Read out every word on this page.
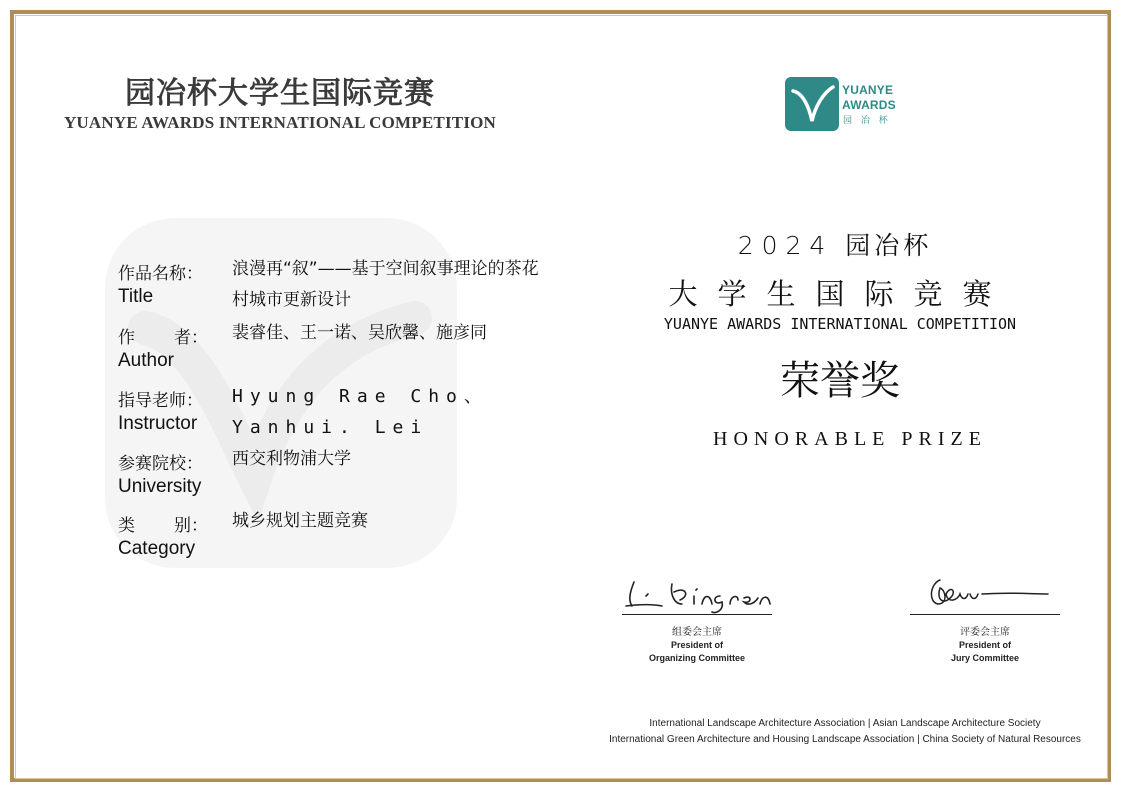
园冶杯大学生国际竞赛
YUANYE AWARDS INTERNATIONAL COMPETITION
YUANYE
AWARDS
园 冶 杯
作品名称：
Title
浪漫再“叙”——基于空间叙事理论的茶花村城市更新设计
作 者：
Author
裴睿佳、王一诺、吴欣馨、施彦同
指导老师：
Instructor
Hyung Rae Cho、Yanhui. Lei
参赛院校：
University
西交利物浦大学
类 别：
Category
城乡规划主题竞赛
2024 园冶杯
大学生国际竞赛
YUANYE AWARDS INTERNATIONAL COMPETITION
荣誉奖
HONORABLE PRIZE
组委会主席
President of
Organizing Committee
评委会主席
President of
Jury Committee
International Landscape Architecture Association | Asian Landscape Architecture Society
International Green Architecture and Housing Landscape Association | China Society of Natural Resources
